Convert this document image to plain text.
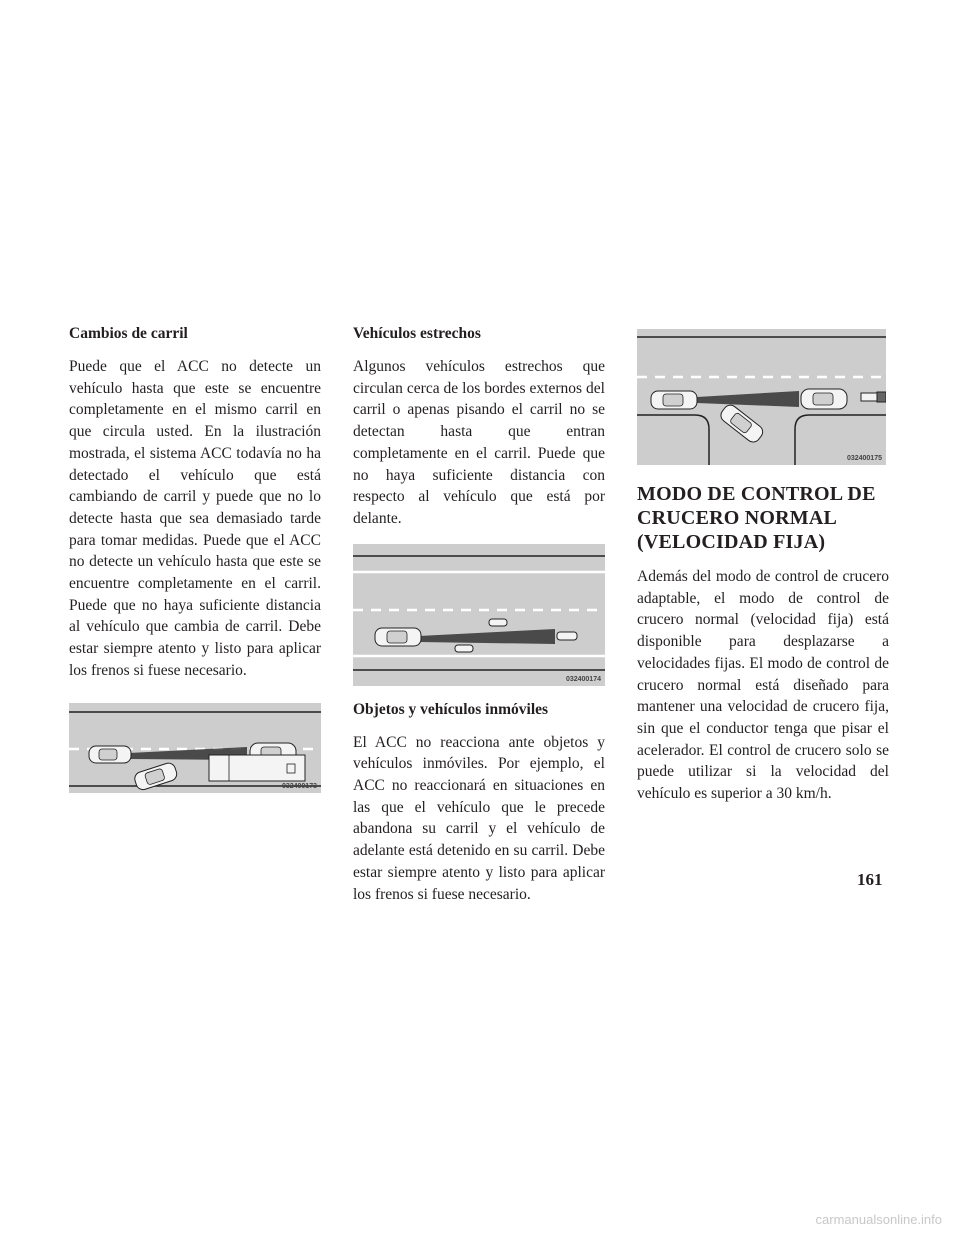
Cambios de carril

Puede que el ACC no detecte un vehículo hasta que este se encuentre completamente en el mismo carril en que circula usted. En la ilustración mostrada, el sistema ACC todavía no ha detectado el vehículo que está cambiando de carril y puede que no lo detecte hasta que sea demasiado tarde para tomar medidas. Puede que el ACC no detecte un vehículo hasta que este se encuentre completamente en el carril. Puede que no haya suficiente distancia al vehículo que cambia de carril. Debe estar siempre atento y listo para aplicar los frenos si fuese necesario.

032400173
Vehículos estrechos

Algunos vehículos estrechos que circulan cerca de los bordes externos del carril o apenas pisando el carril no se detectan hasta que entran completamente en el carril. Puede que no haya suficiente distancia con respecto al vehículo que está por delante.

032400174
Objetos y vehículos inmóviles

El ACC no reacciona ante objetos y vehículos inmóviles. Por ejemplo, el ACC no reaccionará en situaciones en las que el vehículo que le precede abandona su carril y el vehículo de adelante está detenido en su carril. Debe estar siempre atento y listo para aplicar los frenos si fuese necesario.

032400175
MODO DE CONTROL DE CRUCERO NORMAL (VELOCIDAD FIJA)

Además del modo de control de crucero adaptable, el modo de control de crucero normal (velocidad fija) está disponible para desplazarse a velocidades fijas. El modo de control de crucero normal está diseñado para mantener una velocidad de crucero fija, sin que el conductor tenga que pisar el acelerador. El control de crucero solo se puede utilizar si la velocidad del vehículo es superior a 30 km/h.

161
carmanualsonline.info
